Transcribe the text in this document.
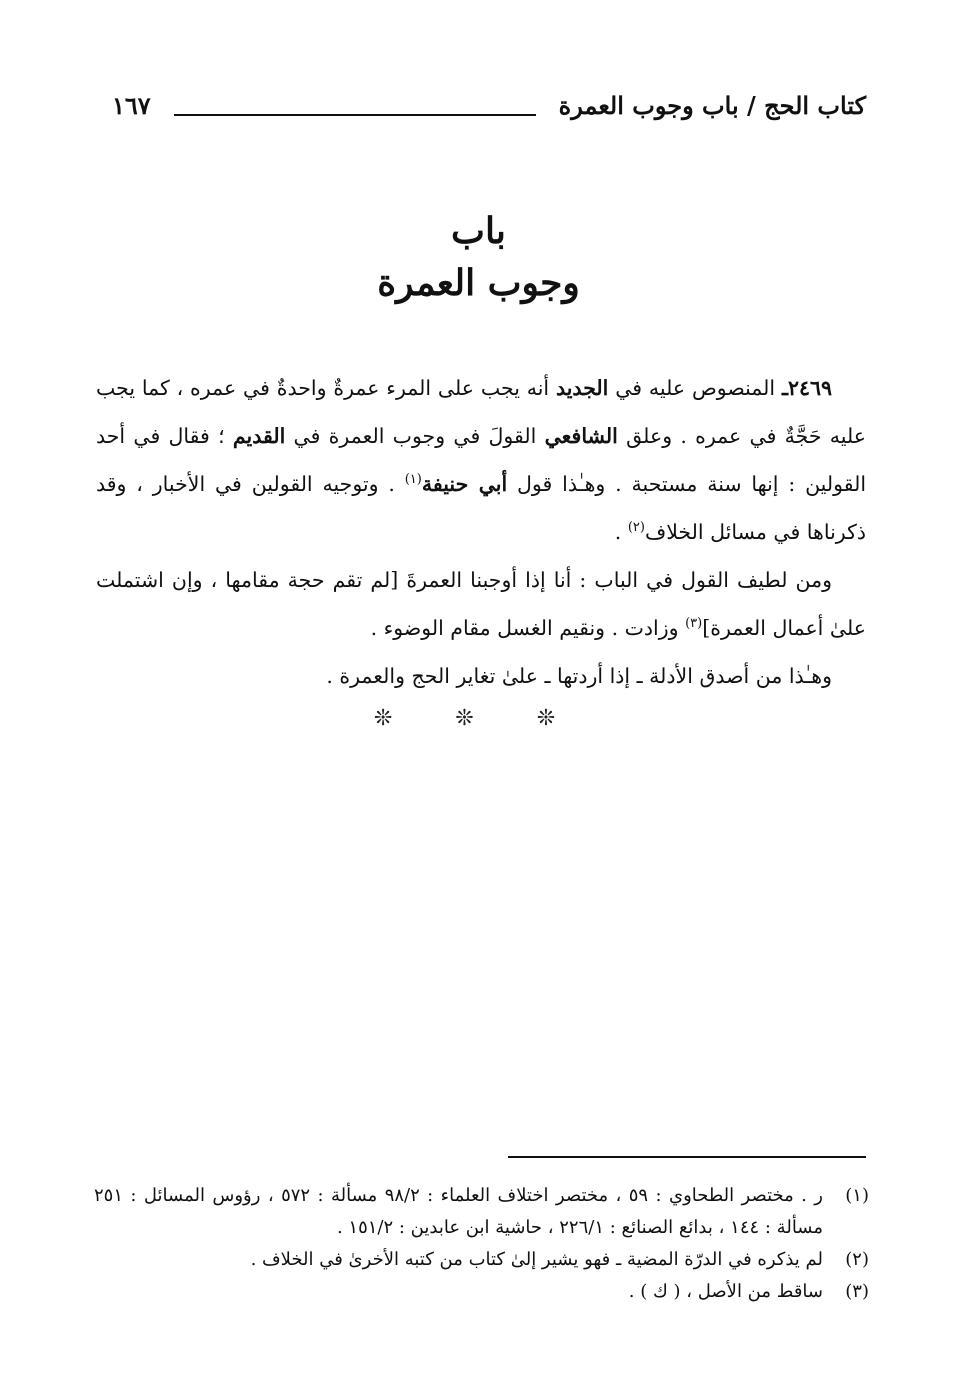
كتاب الحج / باب وجوب العمرة
١٦٧

باب

وجوب العمرة

٢٤٦٩ـ المنصوص عليه في الجديد أنه يجب على المرء عمرةٌ واحدةٌ في عمره ، كما يجب عليه حَجَّةٌ في عمره . وعلق الشافعي القولَ في وجوب العمرة في القديم ؛ فقال في أحد القولين : إنها سنة مستحبة . وهـٰذا قول أبي حنيفة$^{(١)}$ . وتوجيه القولين في الأخبار ، وقد ذكرناها في مسائل الخلاف$^{(٢)}$ .

ومن لطيف القول في الباب : أنا إذا أوجبنا العمرةَ [لم تقم حجة مقامها ، وإن اشتملت علىٰ أعمال العمرة]$^{(٣)}$ وزادت . ونقيم الغسل مقام الوضوء .

وهـٰذا من أصدق الأدلة ـ إذا أردتها ـ علىٰ تغاير الحج والعمرة .

❊ ❊ ❊
(١)
ر . مختصر الطحاوي : ٥٩ ، مختصر اختلاف العلماء : ٩٨/٢ مسألة : ٥٧٢ ، رؤوس المسائل : ٢٥١ مسألة : ١٤٤ ، بدائع الصنائع : ٢٢٦/١ ، حاشية ابن عابدين : ١٥١/٢ .
(٢)
لم يذكره في الدرّة المضية ـ فهو يشير إلىٰ كتاب من كتبه الأخرىٰ في الخلاف .
(٣)
ساقط من الأصل ، ( ك ) .
